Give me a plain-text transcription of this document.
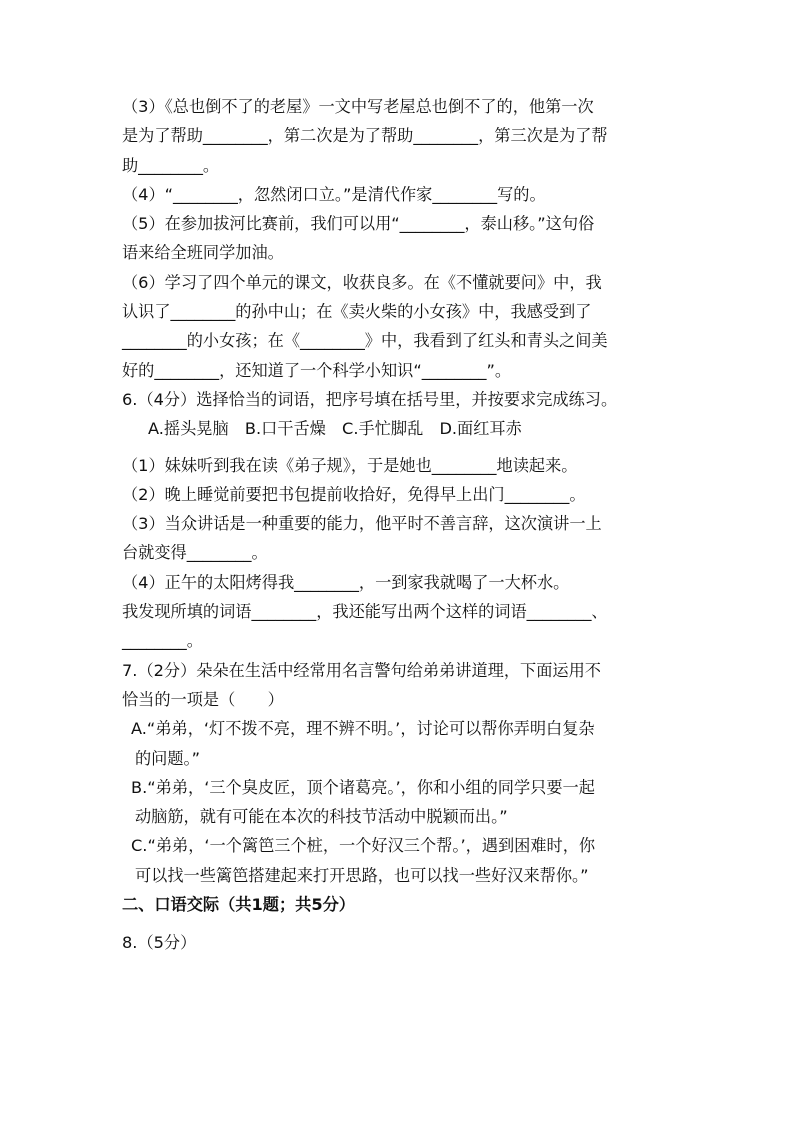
（3）《总也倒不了的老屋》一文中写老屋总也倒不了的，他第一次
是为了帮助________，第二次是为了帮助________，第三次是为了帮
助________。
（4）“________，忽然闭口立。”是清代作家________写的。
（5）在参加拔河比赛前，我们可以用“________，泰山移。”这句俗
语来给全班同学加油。
（6）学习了四个单元的课文，收获良多。在《不懂就要问》中，我
认识了________的孙中山；在《卖火柴的小女孩》中，我感受到了
________的小女孩；在《________》中，我看到了红头和青头之间美
好的________，还知道了一个科学小知识“________”。
6.（4分）选择恰当的词语，把序号填在括号里，并按要求完成练习。
A.摇头晃脑　B.口干舌燥　C.手忙脚乱　D.面红耳赤
（1）妹妹听到我在读《弟子规》，于是她也________地读起来。
（2）晚上睡觉前要把书包提前收拾好，免得早上出门________。
（3）当众讲话是一种重要的能力，他平时不善言辞，这次演讲一上
台就变得________。
（4）正午的太阳烤得我________，一到家我就喝了一大杯水。
我发现所填的词语________，我还能写出两个这样的词语________、
________。
7.（2分）朵朵在生活中经常用名言警句给弟弟讲道理，下面运用不
恰当的一项是（　　）
A.“弟弟，‘灯不拨不亮，理不辨不明。’，讨论可以帮你弄明白复杂
的问题。”
B.“弟弟，‘三个臭皮匠，顶个诸葛亮。’，你和小组的同学只要一起
动脑筋，就有可能在本次的科技节活动中脱颖而出。”
C.“弟弟，‘一个篱笆三个桩，一个好汉三个帮。’，遇到困难时，你
可以找一些篱笆搭建起来打开思路，也可以找一些好汉来帮你。”
二、口语交际（共1题；共5分）
8.（5分）
